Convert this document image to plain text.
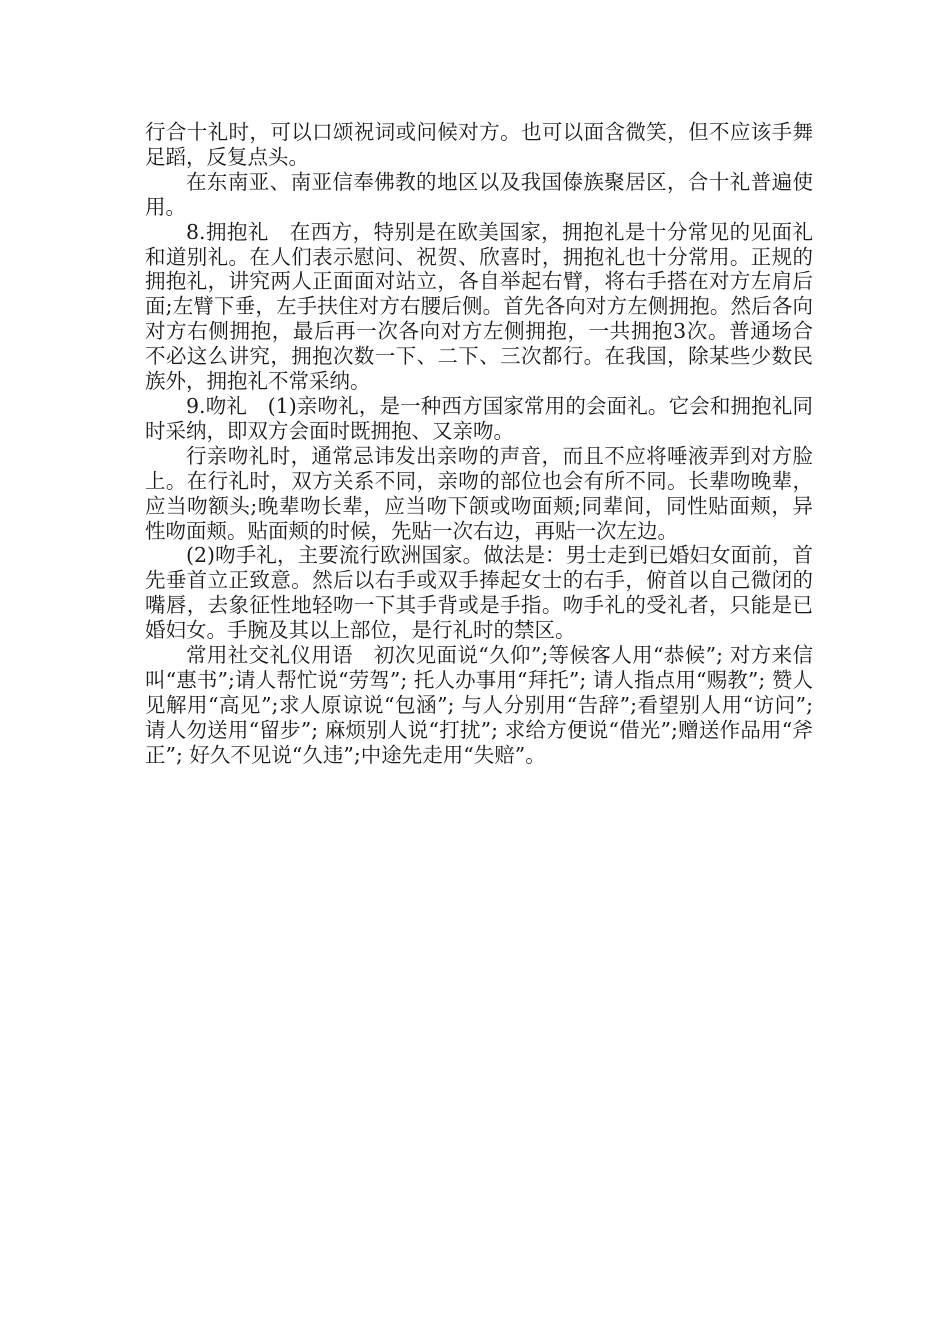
行合十礼时，可以口颂祝词或问候对方。也可以面含微笑，但不应该手舞足蹈，反复点头。

在东南亚、南亚信奉佛教的地区以及我国傣族聚居区，合十礼普遍使用。

8.拥抱礼　在西方，特别是在欧美国家，拥抱礼是十分常见的见面礼和道别礼。在人们表示慰问、祝贺、欣喜时，拥抱礼也十分常用。正规的拥抱礼，讲究两人正面面对站立，各自举起右臂，将右手搭在对方左肩后面;左臂下垂，左手扶住对方右腰后侧。首先各向对方左侧拥抱。然后各向对方右侧拥抱，最后再一次各向对方左侧拥抱，一共拥抱3次。普通场合不必这么讲究，拥抱次数一下、二下、三次都行。在我国，除某些少数民族外，拥抱礼不常采纳。

9.吻礼　(1)亲吻礼，是一种西方国家常用的会面礼。它会和拥抱礼同时采纳，即双方会面时既拥抱、又亲吻。

行亲吻礼时，通常忌讳发出亲吻的声音，而且不应将唾液弄到对方脸上。在行礼时，双方关系不同，亲吻的部位也会有所不同。长辈吻晚辈，应当吻额头;晚辈吻长辈，应当吻下颌或吻面颊;同辈间，同性贴面颊，异性吻面颊。贴面颊的时候，先贴一次右边，再贴一次左边。

(2)吻手礼，主要流行欧洲国家。做法是：男士走到已婚妇女面前，首先垂首立正致意。然后以右手或双手捧起女士的右手，俯首以自己微闭的嘴唇，去象征性地轻吻一下其手背或是手指。吻手礼的受礼者，只能是已婚妇女。手腕及其以上部位，是行礼时的禁区。

常用社交礼仪用语　初次见面说“久仰”;等候客人用“恭候”; 对方来信叫“惠书”;请人帮忙说“劳驾”; 托人办事用“拜托”; 请人指点用“赐教”; 赞人见解用“高见”;求人原谅说“包涵”; 与人分别用“告辞”;看望别人用“访问”; 请人勿送用“留步”; 麻烦别人说“打扰”; 求给方便说“借光”;赠送作品用“斧正”; 好久不见说“久违”;中途先走用“失赔”。
